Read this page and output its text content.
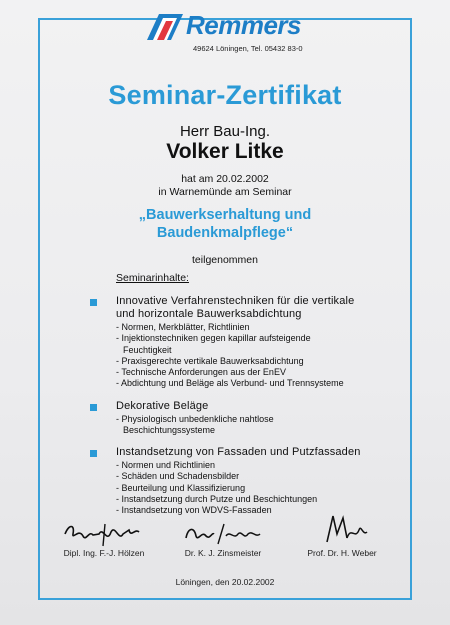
Remmers
49624 Löningen, Tel. 05432 83-0
Seminar-Zertifikat
Herr Bau-Ing.
Volker Litke
hat am 20.02.2002
in Warnemünde am Seminar
„Bauwerkserhaltung und
Baudenkmalpflege“
teilgenommen
Seminarinhalte:
Innovative Verfahrenstechniken für die vertikale
und horizontale Bauwerksabdichtung
- Normen, Merkblätter, Richtlinien
- Injektionstechniken gegen kapillar aufsteigende
Feuchtigkeit
- Praxisgerechte vertikale Bauwerksabdichtung
- Technische Anforderungen aus der EnEV
- Abdichtung und Beläge als Verbund- und Trennsysteme
Dekorative Beläge
- Physiologisch unbedenkliche nahtlose
Beschichtungssysteme
Instandsetzung von Fassaden und Putzfassaden
- Normen und Richtlinien
- Schäden und Schadensbilder
- Beurteilung und Klassifizierung
- Instandsetzung durch Putze und Beschichtungen
- Instandsetzung von WDVS-Fassaden
Dipl. Ing. F.-J. Hölzen	Dr. K. J. Zinsmeister	Prof. Dr. H. Weber
Löningen, den 20.02.2002
